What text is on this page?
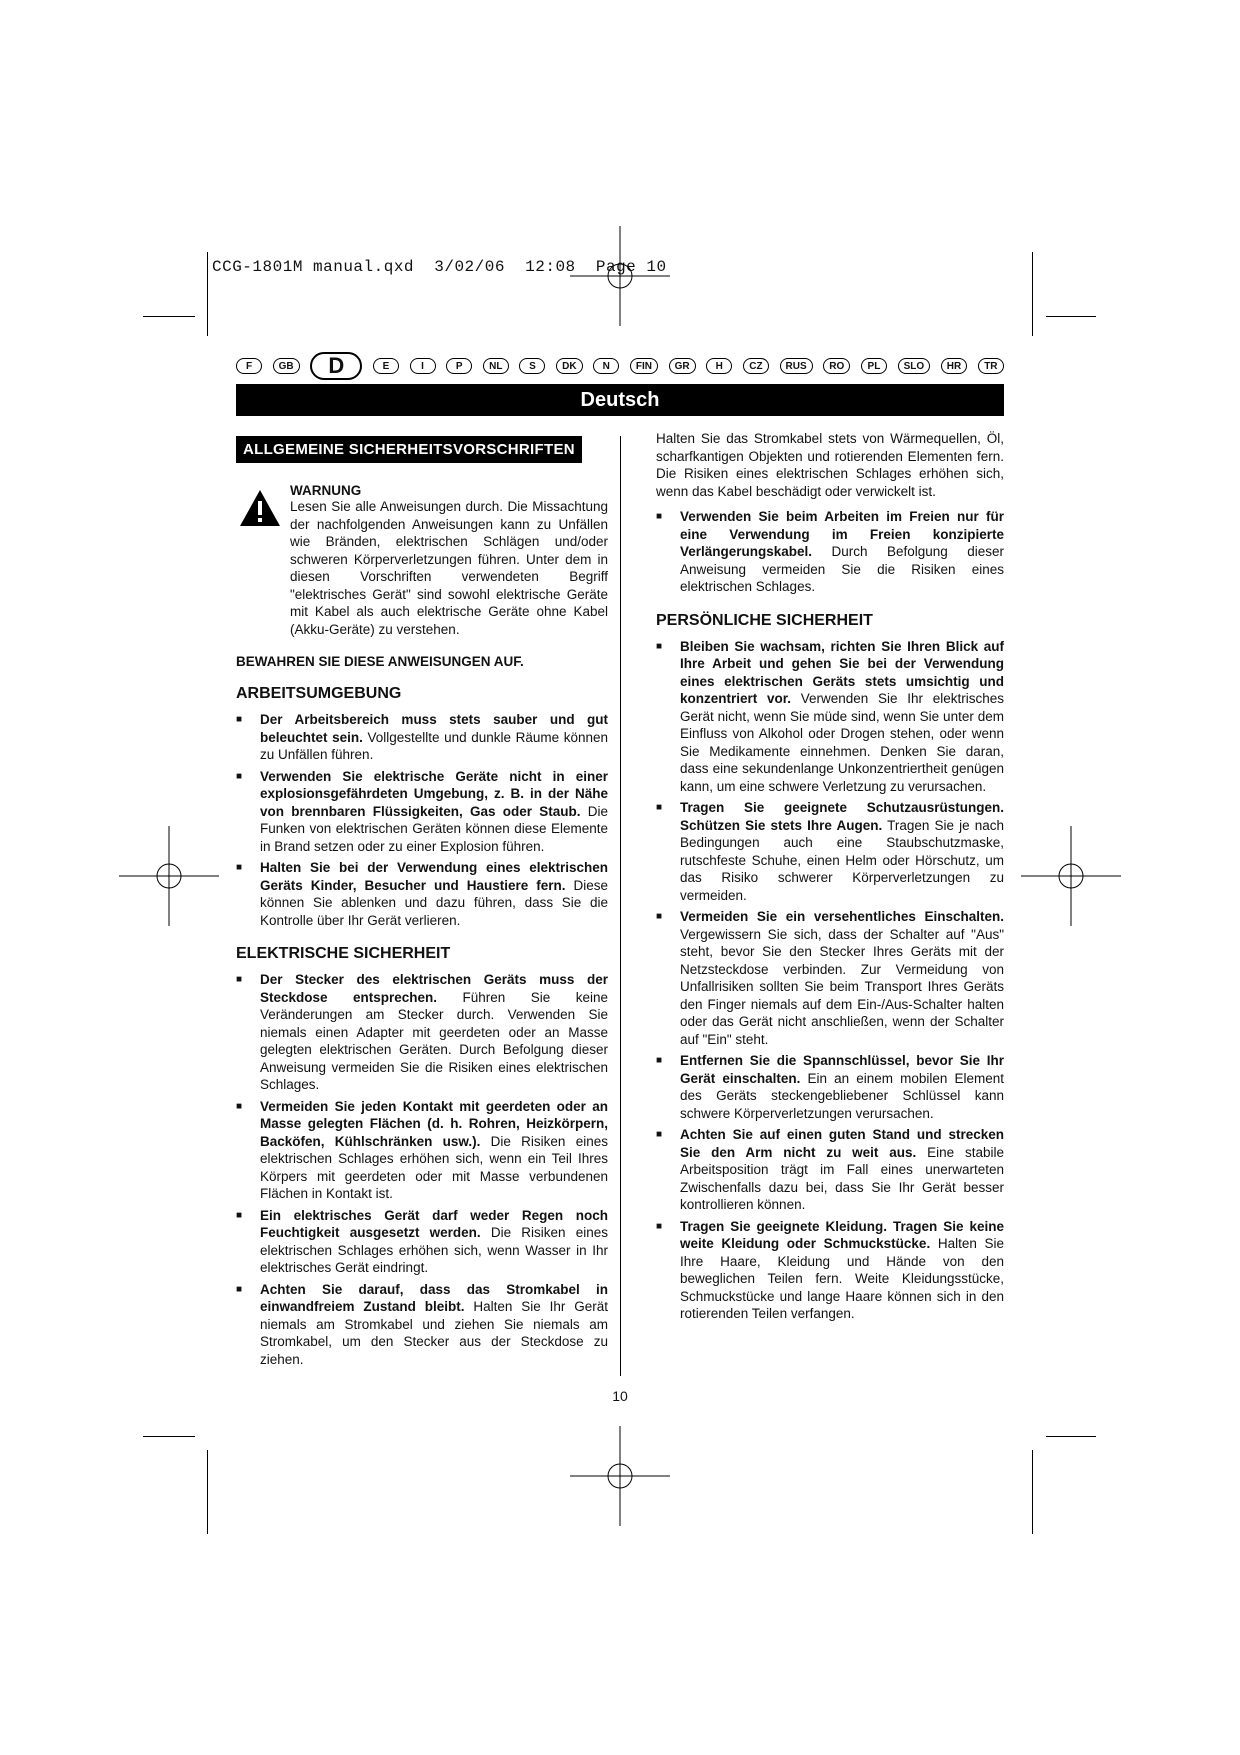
CCG-1801M manual.qxd  3/02/06  12:08  Page 10
F	GB	D	E	I	P	NL	S	DK	N	FIN	GR	H	CZ	RUS	RO	PL	SLO	HR	TR
Deutsch
ALLGEMEINE SICHERHEITSVORSCHRIFTEN
WARNUNG
Lesen Sie alle Anweisungen durch. Die Missachtung der nachfolgenden Anweisungen kann zu Unfällen wie Bränden, elektrischen Schlägen und/oder schweren Körperverletzungen führen. Unter dem in diesen Vorschriften verwendeten Begriff "elektrisches Gerät" sind sowohl elektrische Geräte mit Kabel als auch elektrische Geräte ohne Kabel (Akku-Geräte) zu verstehen.
BEWAHREN SIE DIESE ANWEISUNGEN AUF.
ARBEITSUMGEBUNG
■ Der Arbeitsbereich muss stets sauber und gut beleuchtet sein. Vollgestellte und dunkle Räume können zu Unfällen führen.
■ Verwenden Sie elektrische Geräte nicht in einer explosionsgefährdeten Umgebung, z. B. in der Nähe von brennbaren Flüssigkeiten, Gas oder Staub. Die Funken von elektrischen Geräten können diese Elemente in Brand setzen oder zu einer Explosion führen.
■ Halten Sie bei der Verwendung eines elektrischen Geräts Kinder, Besucher und Haustiere fern. Diese können Sie ablenken und dazu führen, dass Sie die Kontrolle über Ihr Gerät verlieren.
ELEKTRISCHE SICHERHEIT
■ Der Stecker des elektrischen Geräts muss der Steckdose entsprechen. Führen Sie keine Veränderungen am Stecker durch. Verwenden Sie niemals einen Adapter mit geerdeten oder an Masse gelegten elektrischen Geräten. Durch Befolgung dieser Anweisung vermeiden Sie die Risiken eines elektrischen Schlages.
■ Vermeiden Sie jeden Kontakt mit geerdeten oder an Masse gelegten Flächen (d. h. Rohren, Heizkörpern, Backöfen, Kühlschränken usw.). Die Risiken eines elektrischen Schlages erhöhen sich, wenn ein Teil Ihres Körpers mit geerdeten oder mit Masse verbundenen Flächen in Kontakt ist.
■ Ein elektrisches Gerät darf weder Regen noch Feuchtigkeit ausgesetzt werden. Die Risiken eines elektrischen Schlages erhöhen sich, wenn Wasser in Ihr elektrisches Gerät eindringt.
■ Achten Sie darauf, dass das Stromkabel in einwandfreiem Zustand bleibt. Halten Sie Ihr Gerät niemals am Stromkabel und ziehen Sie niemals am Stromkabel, um den Stecker aus der Steckdose zu ziehen.

Halten Sie das Stromkabel stets von Wärmequellen, Öl, scharfkantigen Objekten und rotierenden Elementen fern. Die Risiken eines elektrischen Schlages erhöhen sich, wenn das Kabel beschädigt oder verwickelt ist.

■ Verwenden Sie beim Arbeiten im Freien nur für eine Verwendung im Freien konzipierte Verlängerungskabel. Durch Befolgung dieser Anweisung vermeiden Sie die Risiken eines elektrischen Schlages.
PERSÖNLICHE SICHERHEIT
■ Bleiben Sie wachsam, richten Sie Ihren Blick auf Ihre Arbeit und gehen Sie bei der Verwendung eines elektrischen Geräts stets umsichtig und konzentriert vor. Verwenden Sie Ihr elektrisches Gerät nicht, wenn Sie müde sind, wenn Sie unter dem Einfluss von Alkohol oder Drogen stehen, oder wenn Sie Medikamente einnehmen. Denken Sie daran, dass eine sekundenlange Unkonzentriertheit genügen kann, um eine schwere Verletzung zu verursachen.
■ Tragen Sie geeignete Schutzausrüstungen. Schützen Sie stets Ihre Augen. Tragen Sie je nach Bedingungen auch eine Staubschutzmaske, rutschfeste Schuhe, einen Helm oder Hörschutz, um das Risiko schwerer Körperverletzungen zu vermeiden.
■ Vermeiden Sie ein versehentliches Einschalten. Vergewissern Sie sich, dass der Schalter auf "Aus" steht, bevor Sie den Stecker Ihres Geräts mit der Netzsteckdose verbinden. Zur Vermeidung von Unfallrisiken sollten Sie beim Transport Ihres Geräts den Finger niemals auf dem Ein-/Aus-Schalter halten oder das Gerät nicht anschließen, wenn der Schalter auf "Ein" steht.
■ Entfernen Sie die Spannschlüssel, bevor Sie Ihr Gerät einschalten. Ein an einem mobilen Element des Geräts steckengebliebener Schlüssel kann schwere Körperverletzungen verursachen.
■ Achten Sie auf einen guten Stand und strecken Sie den Arm nicht zu weit aus. Eine stabile Arbeitsposition trägt im Fall eines unerwarteten Zwischenfalls dazu bei, dass Sie Ihr Gerät besser kontrollieren können.
■ Tragen Sie geeignete Kleidung. Tragen Sie keine weite Kleidung oder Schmuckstücke. Halten Sie Ihre Haare, Kleidung und Hände von den beweglichen Teilen fern. Weite Kleidungsstücke, Schmuckstücke und lange Haare können sich in den rotierenden Teilen verfangen.
10
